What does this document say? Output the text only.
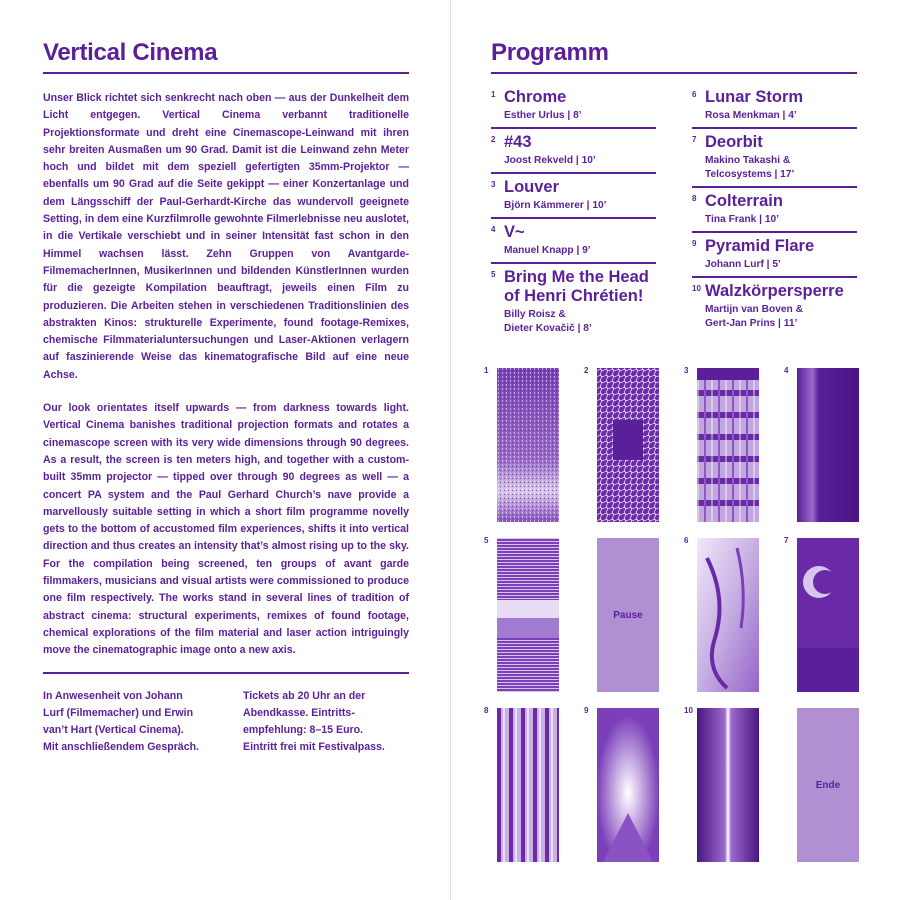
Vertical Cinema

Unser Blick richtet sich senkrecht nach oben — aus der Dunkelheit dem Licht entgegen. Vertical Cinema verbannt traditionelle Projektionsformate und dreht eine Cinemascope-Leinwand mit ihren sehr breiten Ausmaßen um 90 Grad. Damit ist die Leinwand zehn Meter hoch und bildet mit dem speziell gefertigten 35mm-Projektor — ebenfalls um 90 Grad auf die Seite gekippt — einer Konzertanlage und dem Längsschiff der Paul-Gerhardt-Kirche das wundervoll geeignete Setting, in dem eine Kurzfilmrolle gewohnte Filmerlebnisse neu auslotet, in die Vertikale verschiebt und in seiner Intensität fast schon in den Himmel wachsen lässt. Zehn Gruppen von Avantgarde-FilmemacherInnen, MusikerInnen und bildenden KünstlerInnen wurden für die gezeigte Kompilation beauftragt, jeweils einen Film zu produzieren. Die Arbeiten stehen in verschiedenen Traditionslinien des abstrakten Kinos: strukturelle Experimente, found footage-Remixes, chemische Filmmaterialuntersuchungen und Laser-Aktionen verlagern auf faszinierende Weise das kinematografische Bild auf eine neue Achse.

Our look orientates itself upwards — from darkness towards light. Vertical Cinema banishes traditional projection formats and rotates a cinemascope screen with its very wide dimensions through 90 degrees. As a result, the screen is ten meters high, and together with a custom-built 35mm projector — tipped over through 90 degrees as well — a concert PA system and the Paul Gerhard Church’s nave provide a marvellously suitable setting in which a short film programme novelly gets to the bottom of accustomed film experiences, shifts it into vertical direction and thus creates an intensity that’s almost rising up to the sky. For the compilation being screened, ten groups of avant garde filmmakers, musicians and visual artists were commissioned to produce one film respectively. The works stand in several lines of tradition of abstract cinema: structural experiments, remixes of found footage, chemical explorations of the film material and laser action intriguingly move the cinematographic image onto a new axis.

In Anwesenheit von Johann
Lurf (Filmemacher) und Erwin
van’t Hart (Vertical Cinema).
Mit anschließendem Gespräch.
Tickets ab 20 Uhr an der
Abendkasse. Eintritts-
empfehlung: 8–15 Euro.
Eintritt frei mit Festivalpass.
Programm
1 Chrome
Esther Urlus | 8’
2 #43
Joost Rekveld | 10’
3 Louver
Björn Kämmerer | 10’
4 V~
Manuel Knapp | 9’
5 Bring Me the Head of Henri Chrétien!
Billy Roisz &
Dieter Kovačič | 8’
6 Lunar Storm
Rosa Menkman | 4’
7 Deorbit
Makino Takashi &
Telcosystems | 17’
8 Colterrain
Tina Frank | 10’
9 Pyramid Flare
Johann Lurf | 5’
10 Walzkörpersperre
Martijn van Boven &
Gert-Jan Prins | 11’
1	2	3	4
5
Pause
6	7
8	9	10
Ende
